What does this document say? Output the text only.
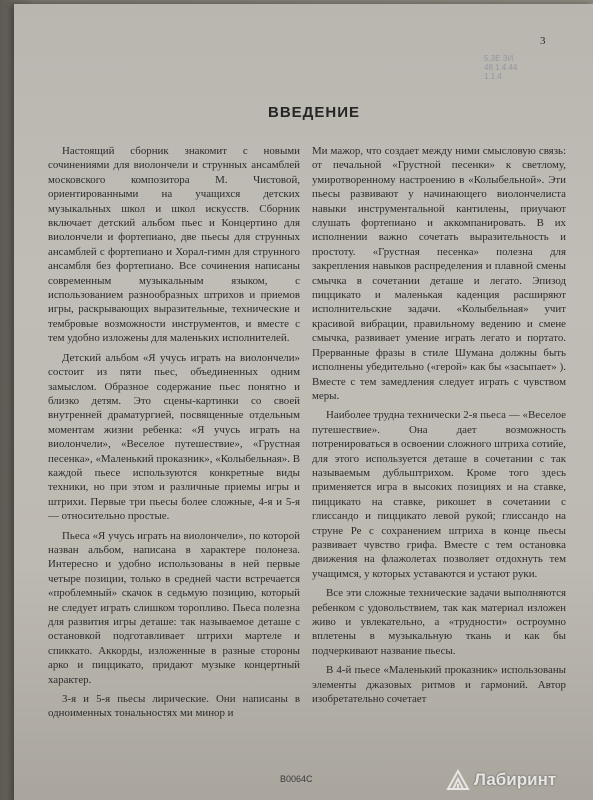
3
5.3Е ЗИ
48 1.4.44
1.1.4
ВВЕДЕНИЕ

Настоящий сборник знакомит с новыми сочинениями для виолончели и струнных ансамблей московского композитора М. Чистовой, ориентированными на учащихся детских музыкальных школ и школ искусств. Сборник включает детский альбом пьес и Концертино для виолончели и фортепиано, две пьесы для струнных ансамблей с фортепиано и Хорал-гимн для струнного ансамбля без фортепиано. Все сочинения написаны современным музыкальным языком, с использованием разнообразных штрихов и приемов игры, раскрывающих выразительные, технические и тембровые возможности инструментов, и вместе с тем удобно изложены для маленьких исполнителей.

Детский альбом «Я учусь играть на виолончели» состоит из пяти пьес, объединенных одним замыслом. Образное содержание пьес понятно и близко детям. Это сцены-картинки со своей внутренней драматургией, посвященные отдельным моментам жизни ребенка: «Я учусь играть на виолончели», «Веселое путешествие», «Грустная песенка», «Маленький проказник», «Колыбельная». В каждой пьесе используются конкретные виды техники, но при этом и различные приемы игры и штрихи. Первые три пьесы более сложные, 4-я и 5-я — относительно простые.

Пьеса «Я учусь играть на виолончели», по которой назван альбом, написана в характере полонеза. Интересно и удобно использованы в ней первые четыре позиции, только в средней части встречается «проблемный» скачок в седьмую позицию, который не следует играть слишком торопливо. Пьеса полезна для развития игры деташе: так называемое деташе с остановкой подготавливает штрихи мартеле и спиккато. Аккорды, изложенные в разные стороны арко и пиццикато, придают музыке концертный характер.

3-я и 5-я пьесы лирические. Они написаны в одноименных тональностях ми минор и

Ми мажор, что создает между ними смысловую связь: от печальной «Грустной песенки» к светлому, умиротворенному настроению в «Колыбельной». Эти пьесы развивают у начинающего виолончелиста навыки инструментальной кантилены, приучают слушать фортепиано и аккомпанировать. В их исполнении важно сочетать выразительность и простоту. «Грустная песенка» полезна для закрепления навыков распределения и плавной смены смычка в сочетании деташе и легато. Эпизод пиццикато и маленькая каденция расширяют исполнительские задачи. «Колыбельная» учит красивой вибрации, правильному ведению и смене смычка, развивает умение играть легато и портато. Прерванные фразы в стиле Шумана должны быть исполнены убедительно («герой» как бы «засыпает» ). Вместе с тем замедления следует играть с чувством меры.

Наиболее трудна технически 2-я пьеса — «Веселое путешествие». Она дает возможность потренироваться в освоении сложного штриха сотийе, для этого используется деташе в сочетании с так называемым дубльштрихом. Кроме того здесь применяется игра в высоких позициях и на ставке, пиццикато на ставке, рикошет в сочетании с глиссандо и пиццикато левой рукой; глиссандо на струне Ре с сохранением штриха в конце пьесы развивает чувство грифа. Вместе с тем остановка движения на флажолетах позволяет отдохнуть тем учащимся, у которых уставаются и устают руки.

Все эти сложные технические задачи выполняются ребенком с удовольствием, так как материал изложен живо и увлекательно, а «трудности» остроумно вплетены в музыкальную ткань и как бы подчеркивают название пьесы.

В 4-й пьесе «Маленький проказник» использованы элементы джазовых ритмов и гармоний. Автор изобретательно сочетает

В0064С	Лабиринт
